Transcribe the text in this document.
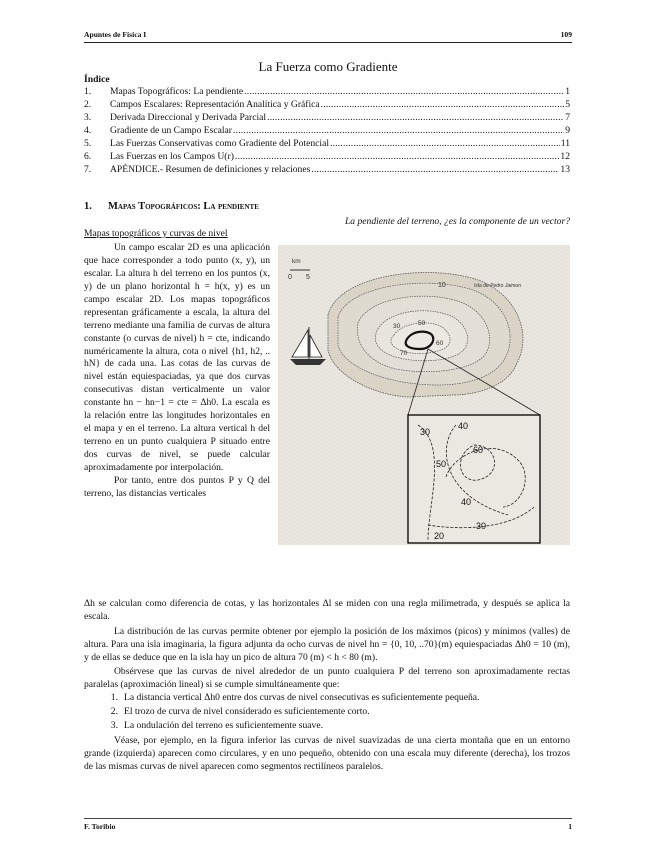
Apuntes de Física I	109
La Fuerza como Gradiente
Índice
1.	Mapas Topográficos: La pendiente .....	1
2.	Campos Escalares: Representación Analítica y Gráfica .....	5
3.	Derivada Direccional y Derivada Parcial .....	7
4.	Gradiente de un Campo Escalar .....	9
5.	Las Fuerzas Conservativas como Gradiente del Potencial .....	11
6.	Las Fuerzas en los Campos U(r) .....	12
7.	APÉNDICE.- Resumen de definiciones y relaciones .....	13
1. Mapas Topográficos: La pendiente
La pendiente del terreno, ¿es la componente de un vector?
Mapas topográficos y curvas de nivel

Un campo escalar 2D es una aplicación que hace corresponder a todo punto (x, y), un escalar. La altura h del terreno en los puntos (x, y) de un plano horizontal h = h(x, y) es un campo escalar 2D. Los mapas topográficos representan gráficamente a escala, la altura del terreno mediante una familia de curvas de altura constante (o curvas de nivel) h = cte, indicando numéricamente la altura, cota o nivel {h1, h2, .. hN} de cada una. Las cotas de las curvas de nivel están equiespaciadas, ya que dos curvas consecutivas distan verticalmente un valor constante hn − hn−1 = cte = Δh0. La escala es la relación entre las longitudes horizontales en el mapa y en el terreno. La altura vertical h del terreno en un punto cualquiera P situado entre dos curvas de nivel, se puede calcular aproximadamente por interpolación.

Por tanto, entre dos puntos P y Q del terreno, las distancias verticales

10
30	50
60
70
km
0 5
Isla de Pedro Jaimon
30
40
60
50
40
30
20

Δh se calculan como diferencia de cotas, y las horizontales Δl se miden con una regla milimetrada, y después se aplica la escala.

La distribución de las curvas permite obtener por ejemplo la posición de los máximos (picos) y mínimos (valles) de altura. Para una isla imaginaria, la figura adjunta da ocho curvas de nivel hn = {0, 10, ..70}(m) equiespaciadas Δh0 = 10 (m), y de ellas se deduce que en la isla hay un pico de altura 70 (m) < h < 80 (m).

Obsérvese que las curvas de nivel alrededor de un punto cualquiera P del terreno son aproximadamente rectas paralelas (aproximación lineal) si se cumple simultáneamente que:

1. La distancia vertical Δh0 entre dos curvas de nivel consecutivas es suficientemente pequeña.
2. El trozo de curva de nivel considerado es suficientemente corto.
3. La ondulación del terreno es suficientemente suave.

Véase, por ejemplo, en la figura inferior las curvas de nivel suavizadas de una cierta montaña que en un entorno grande (izquierda) aparecen como circulares, y en uno pequeño, obtenido con una escala muy diferente (derecha), los trozos de las mismas curvas de nivel aparecen como segmentos rectilíneos paralelos.

F. Toribio	1
